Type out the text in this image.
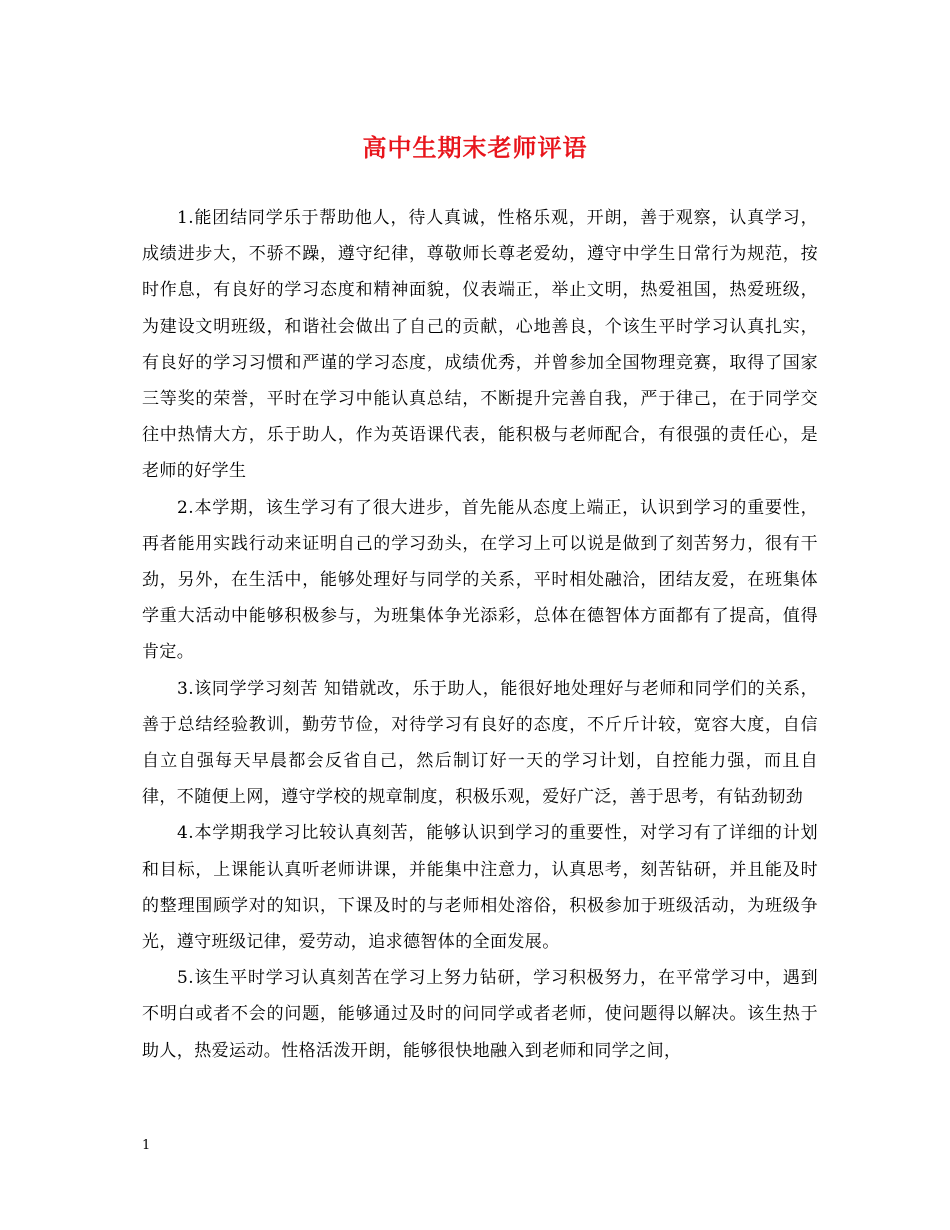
高中生期末老师评语

1.能团结同学乐于帮助他人，待人真诚，性格乐观，开朗，善于观察，认真学习，成绩进步大，不骄不躁，遵守纪律，尊敬师长尊老爱幼，遵守中学生日常行为规范，按时作息，有良好的学习态度和精神面貌，仪表端正，举止文明，热爱祖国，热爱班级，为建设文明班级，和谐社会做出了自己的贡献，心地善良，个该生平时学习认真扎实，有良好的学习习惯和严谨的学习态度，成绩优秀，并曾参加全国物理竞赛，取得了国家三等奖的荣誉，平时在学习中能认真总结，不断提升完善自我，严于律己，在于同学交往中热情大方，乐于助人，作为英语课代表，能积极与老师配合，有很强的责任心，是老师的好学生

2.本学期，该生学习有了很大进步，首先能从态度上端正，认识到学习的重要性，再者能用实践行动来证明自己的学习劲头，在学习上可以说是做到了刻苦努力，很有干劲，另外，在生活中，能够处理好与同学的关系，平时相处融洽，团结友爱，在班集体学重大活动中能够积极参与，为班集体争光添彩，总体在德智体方面都有了提高，值得肯定。

3.该同学学习刻苦 知错就改，乐于助人，能很好地处理好与老师和同学们的关系，善于总结经验教训，勤劳节俭，对待学习有良好的态度，不斤斤计较，宽容大度，自信自立自强每天早晨都会反省自己，然后制订好一天的学习计划，自控能力强，而且自律，不随便上网，遵守学校的规章制度，积极乐观，爱好广泛，善于思考，有钻劲韧劲

4.本学期我学习比较认真刻苦，能够认识到学习的重要性，对学习有了详细的计划和目标，上课能认真听老师讲课，并能集中注意力，认真思考，刻苦钻研，并且能及时的整理围顾学对的知识，下课及时的与老师相处溶俗，积极参加于班级活动，为班级争光，遵守班级记律，爱劳动，追求德智体的全面发展。

5.该生平时学习认真刻苦在学习上努力钻研，学习积极努力，在平常学习中，遇到不明白或者不会的问题，能够通过及时的问同学或者老师，使问题得以解决。该生热于助人，热爱运动。性格活泼开朗，能够很快地融入到老师和同学之间，

1
